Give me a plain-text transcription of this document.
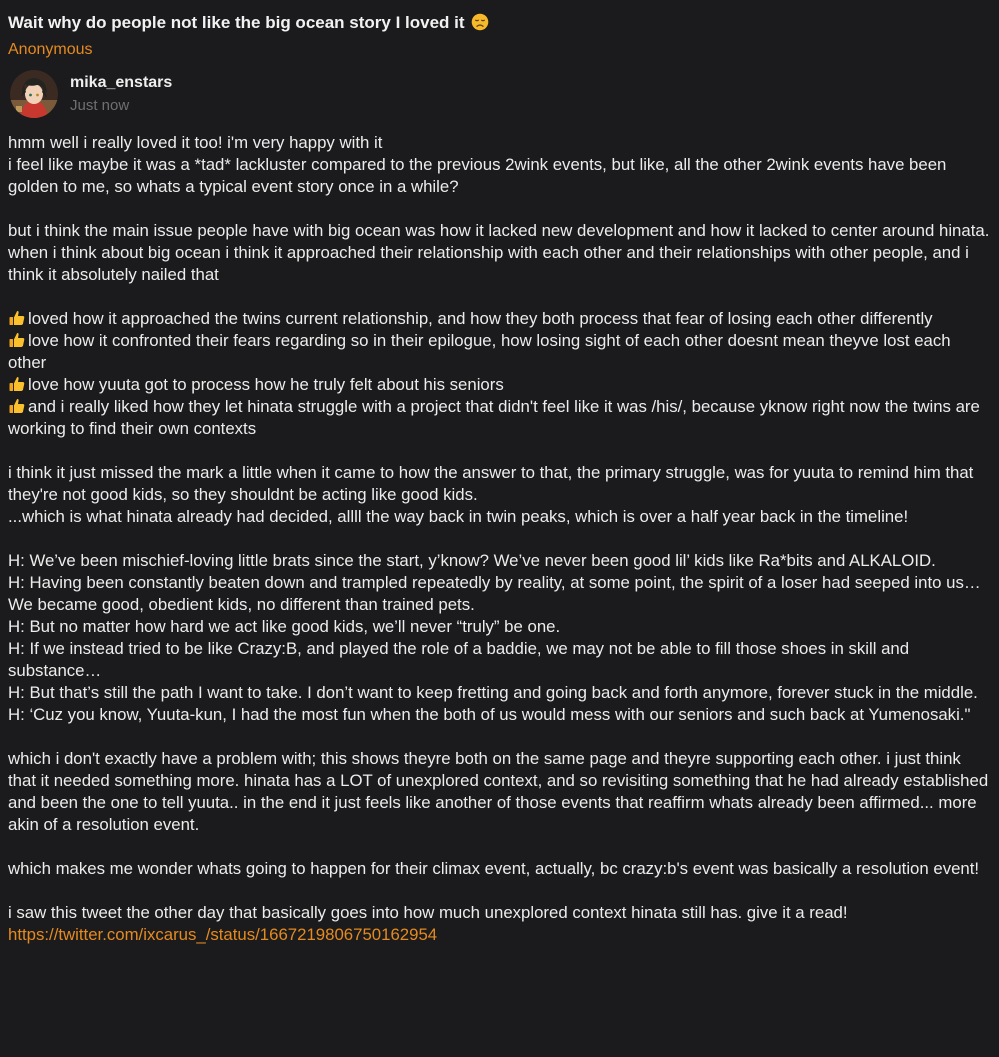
Wait why do people not like the big ocean story I loved it
Anonymous
mika_enstars
Just now
hmm well i really loved it too! i'm very happy with it
i feel like maybe it was a *tad* lackluster compared to the previous 2wink events, but like, all the other 2wink events have been golden to me, so whats a typical event story once in a while?
but i think the main issue people have with big ocean was how it lacked new development and how it lacked to center around hinata. when i think about big ocean i think it approached their relationship with each other and their relationships with other people, and i think it absolutely nailed that
loved how it approached the twins current relationship, and how they both process that fear of losing each other differently
love how it confronted their fears regarding so in their epilogue, how losing sight of each other doesnt mean theyve lost each other
love how yuuta got to process how he truly felt about his seniors
and i really liked how they let hinata struggle with a project that didn't feel like it was /his/, because yknow right now the twins are working to find their own contexts
i think it just missed the mark a little when it came to how the answer to that, the primary struggle, was for yuuta to remind him that they're not good kids, so they shouldnt be acting like good kids.
...which is what hinata already had decided, allll the way back in twin peaks, which is over a half year back in the timeline!
H: We’ve been mischief-loving little brats since the start, y’know? We’ve never been good lil’ kids like Ra*bits and ALKALOID.
H: Having been constantly beaten down and trampled repeatedly by reality, at some point, the spirit of a loser had seeped into us… We became good, obedient kids, no different than trained pets.
H: But no matter how hard we act like good kids, we’ll never “truly” be one.
H: If we instead tried to be like Crazy:B, and played the role of a baddie, we may not be able to fill those shoes in skill and substance…
H: But that’s still the path I want to take. I don’t want to keep fretting and going back and forth anymore, forever stuck in the middle.
H: ‘Cuz you know, Yuuta-kun, I had the most fun when the both of us would mess with our seniors and such back at Yumenosaki."
which i don't exactly have a problem with; this shows theyre both on the same page and theyre supporting each other. i just think that it needed something more. hinata has a LOT of unexplored context, and so revisiting something that he had already established and been the one to tell yuuta.. in the end it just feels like another of those events that reaffirm whats already been affirmed... more akin of a resolution event.
which makes me wonder whats going to happen for their climax event, actually, bc crazy:b's event was basically a resolution event!
i saw this tweet the other day that basically goes into how much unexplored context hinata still has. give it a read!
https://twitter.com/ixcarus_/status/1667219806750162954
